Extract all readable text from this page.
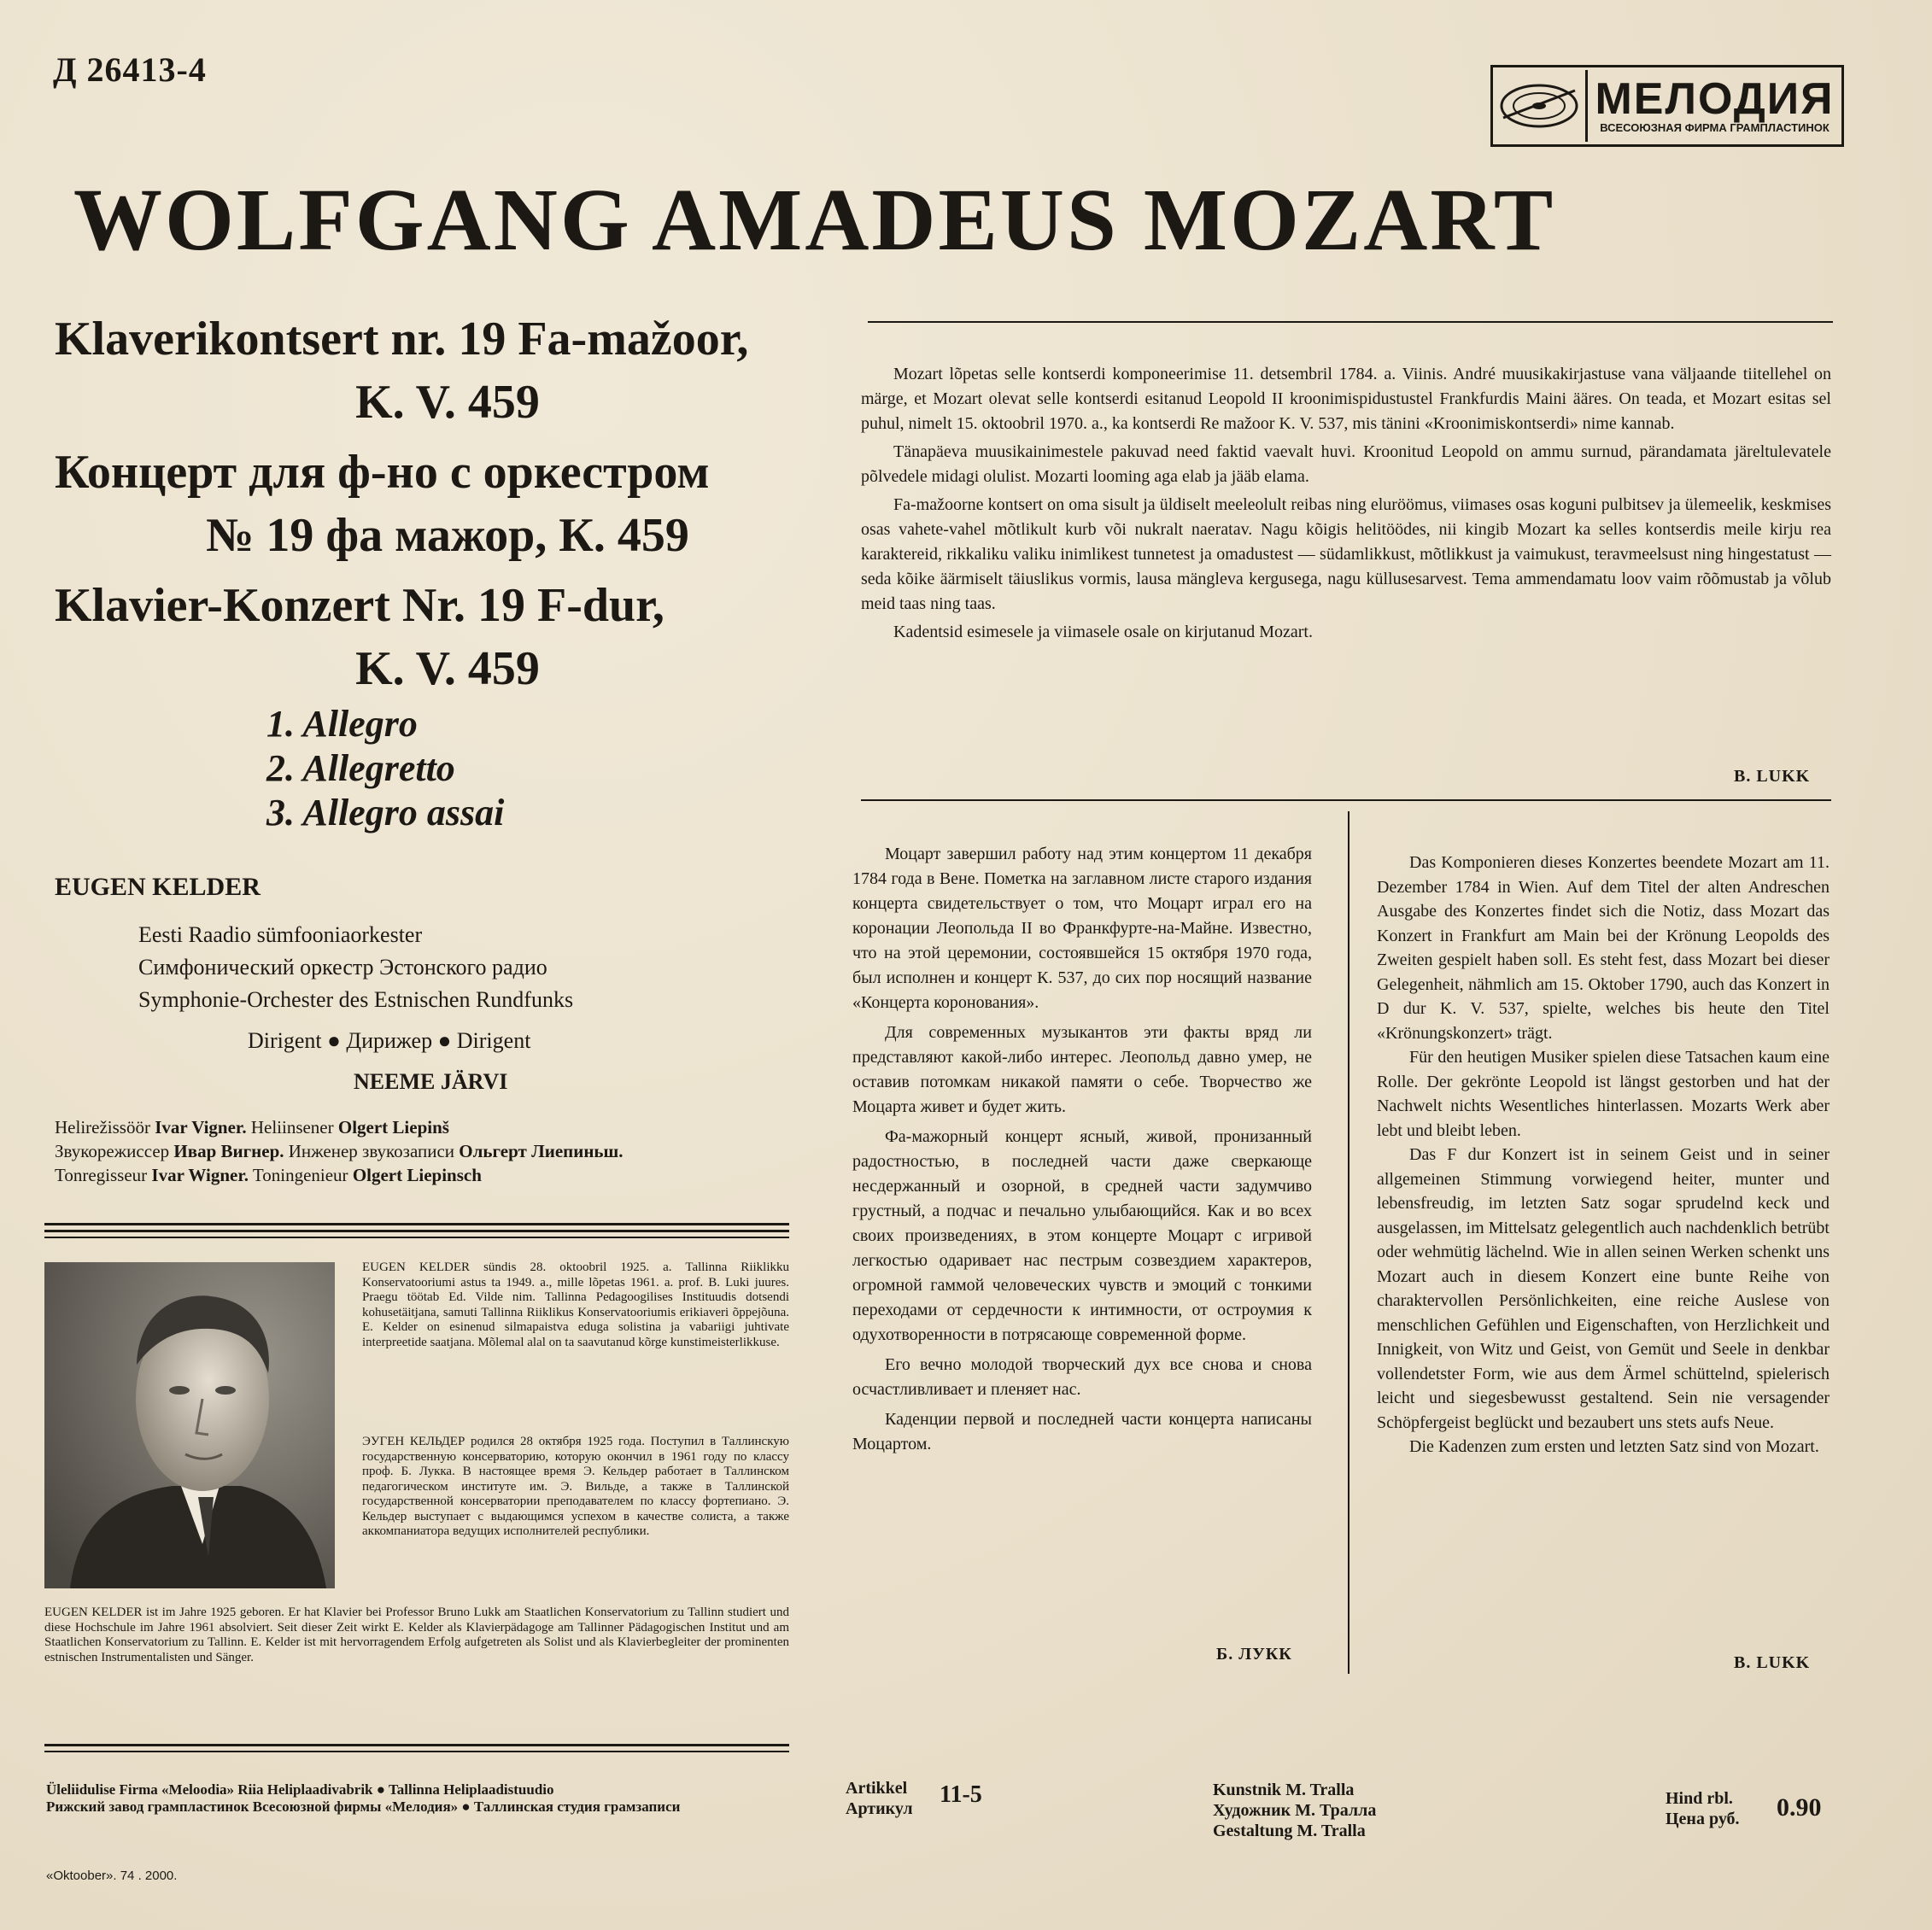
Д 26413-4
МЕЛОДИЯ
ВСЕСОЮЗНАЯ ФИРМА ГРАМПЛАСТИНОК
WOLFGANG AMADEUS MOZART
Klaverikontsert nr. 19 Fa-mažoor,
K. V. 459
Концерт для ф-но с оркестром
№ 19 фа мажор, К. 459
Klavier-Konzert Nr. 19 F-dur,
K. V. 459
1. Allegro
2. Allegretto
3. Allegro assai
EUGEN KELDER
Eesti Raadio sümfooniaorkester
Симфонический оркестр Эстонского радио
Symphonie-Orchester des Estnischen Rundfunks
Dirigent ● Дирижер ● Dirigent
NEEME JÄRVI
Helirežissöör Ivar Vigner. Heliinsener Olgert Liepinš
Звукорежиссер Ивар Вигнер. Инженер звукозаписи Ольгерт Лиепиньш.
Tonregisseur Ivar Wigner. Toningenieur Olgert Liepinsch
EUGEN KELDER sündis 28. oktoobril 1925. a. Tallinna Riiklikku Konservatooriumi astus ta 1949. a., mille lõpetas 1961. a. prof. B. Luki juures. Praegu töötab Ed. Vilde nim. Tallinna Pedagoogilises Instituudis dotsendi kohusetäitjana, samuti Tallinna Riiklikus Konservatooriumis erikiaveri õppejõuna. E. Kelder on esinenud silmapaistva eduga solistina ja vabariigi juhtivate interpreetide saatjana. Mõlemal alal on ta saavutanud kõrge kunstimeisterlikkuse.
ЭУГЕН КЕЛЬДЕР родился 28 октября 1925 года. Поступил в Таллинскую государственную консерваторию, которую окончил в 1961 году по классу проф. Б. Лукка. В настоящее время Э. Кельдер работает в Таллинском педагогическом институте им. Э. Вильде, а также в Таллинской государственной консерватории преподавателем по классу фортепиано. Э. Кельдер выступает с выдающимся успехом в качестве солиста, а также аккомпаниатора ведущих исполнителей республики.
EUGEN KELDER ist im Jahre 1925 geboren. Er hat Klavier bei Professor Bruno Lukk am Staatlichen Konservatorium zu Tallinn studiert und diese Hochschule im Jahre 1961 absolviert. Seit dieser Zeit wirkt E. Kelder als Klavierpädagoge am Tallinner Pädagogischen Institut und am Staatlichen Konservatorium zu Tallinn. E. Kelder ist mit hervorragendem Erfolg aufgetreten als Solist und als Klavierbegleiter der prominenten estnischen Instrumentalisten und Sänger.

Mozart lõpetas selle kontserdi komponeerimise 11. detsembril 1784. a. Viinis. André muusikakirjastuse vana väljaande tiitellehel on märge, et Mozart olevat selle kontserdi esitanud Leopold II kroonimispidustustel Frankfurdis Maini ääres. On teada, et Mozart esitas sel puhul, nimelt 15. oktoobril 1970. a., ka kontserdi Re mažoor K. V. 537, mis tänini «Kroonimiskontserdi» nime kannab.

Tänapäeva muusikainimestele pakuvad need faktid vaevalt huvi. Kroonitud Leopold on ammu surnud, pärandamata järeltulevatele põlvedele midagi olulist. Mozarti looming aga elab ja jääb elama.

Fa-mažoorne kontsert on oma sisult ja üldiselt meeleolult reibas ning eluröömus, viimases osas koguni pulbitsev ja ülemeelik, keskmises osas vahete-vahel mõtlikult kurb või nukralt naeratav. Nagu kõigis helitöödes, nii kingib Mozart ka selles kontserdis meile kirju rea karaktereid, rikkaliku valiku inimlikest tunnetest ja omadustest — südamlikkust, mõtlikkust ja vaimukust, teravmeelsust ning hingestatust — seda kõike äärmiselt täiuslikus vormis, lausa mängleva kergusega, nagu küllusesarvest. Tema ammendamatu loov vaim rõõmustab ja võlub meid taas ning taas.

Kadentsid esimesele ja viimasele osale on kirjutanud Mozart.

B. LUKK

Моцарт завершил работу над этим концертом 11 декабря 1784 года в Вене. Пометка на заглавном листе старого издания концерта свидетельствует о том, что Моцарт играл его на коронации Леопольда II во Франкфурте-на-Майне. Известно, что на этой церемонии, состоявшейся 15 октября 1970 года, был исполнен и концерт К. 537, до сих пор носящий название «Концерта коронования».

Для современных музыкантов эти факты вряд ли представляют какой-либо интерес. Леопольд давно умер, не оставив потомкам никакой памяти о себе. Творчество же Моцарта живет и будет жить.

Фа-мажорный концерт ясный, живой, пронизанный радостностью, в последней части даже сверкающе несдержанный и озорной, в средней части задумчиво грустный, а подчас и печально улыбающийся. Как и во всех своих произведениях, в этом концерте Моцарт с игривой легкостью одаривает нас пестрым созвездием характеров, огромной гаммой человеческих чувств и эмоций с тонкими переходами от сердечности к интимности, от остроумия к одухотворенности в потрясающе современной форме.

Его вечно молодой творческий дух все снова и снова осчастливливает и пленяет нас.

Каденции первой и последней части концерта написаны Моцартом.

Б. ЛУКК

Das Komponieren dieses Konzertes beendete Mozart am 11. Dezember 1784 in Wien. Auf dem Titel der alten Andreschen Ausgabe des Konzertes findet sich die Notiz, dass Mozart das Konzert in Frankfurt am Main bei der Krönung Leopolds des Zweiten gespielt haben soll. Es steht fest, dass Mozart bei dieser Gelegenheit, nähmlich am 15. Oktober 1790, auch das Konzert in D dur K. V. 537, spielte, welches bis heute den Titel «Krönungskonzert» trägt.

Für den heutigen Musiker spielen diese Tatsachen kaum eine Rolle. Der gekrönte Leopold ist längst gestorben und hat der Nachwelt nichts Wesentliches hinterlassen. Mozarts Werk aber lebt und bleibt leben.

Das F dur Konzert ist in seinem Geist und in seiner allgemeinen Stimmung vorwiegend heiter, munter und lebensfreudig, im letzten Satz sogar sprudelnd keck und ausgelassen, im Mittelsatz gelegentlich auch nachdenklich betrübt oder wehmütig lächelnd. Wie in allen seinen Werken schenkt uns Mozart auch in diesem Konzert eine bunte Reihe von charaktervollen Persönlichkeiten, eine reiche Auslese von menschlichen Gefühlen und Eigenschaften, von Herzlichkeit und Innigkeit, von Witz und Geist, von Gemüt und Seele in denkbar vollendetster Form, wie aus dem Ärmel schüttelnd, spielerisch leicht und siegesbewusst gestaltend. Sein nie versagender Schöpfergeist beglückt und bezaubert uns stets aufs Neue.

Die Kadenzen zum ersten und letzten Satz sind von Mozart.

B. LUKK
Üleliidulise Firma «Meloodia» Riia Heliplaadivabrik ● Tallinna Heliplaadistuudio
Рижский завод грампластинок Всесоюзной фирмы «Мелодия» ● Таллинская студия грамзаписи
«Oktoober». 74 . 2000.
Artikkel
Артикул
11-5	Kunstnik M. Tralla
Художник М. Тралла
Gestaltung M. Tralla
Hind rbl.
Цена руб. 0.90
